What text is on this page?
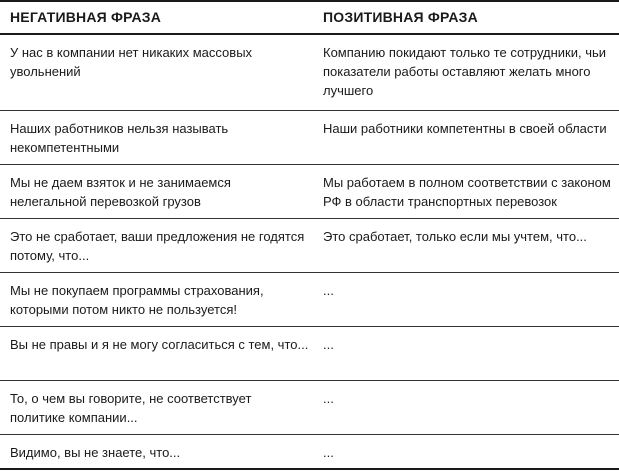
НЕГАТИВНАЯ ФРАЗА	ПОЗИТИВНАЯ ФРАЗА
У нас в компании нет никаких массовых увольнений
Компанию покидают только те сотрудники, чьи показатели работы оставляют желать много лучшего
Наших работников нельзя называть некомпетентными
Наши работники компетентны в своей области
Мы не даем взяток и не занимаемся нелегальной перевозкой грузов
Мы работаем в полном соответствии с законом РФ в области транспортных перевозок
Это не сработает, ваши предложения не годятся потому, что...
Это сработает, только если мы учтем, что...
Мы не покупаем программы страхования, которыми потом никто не пользуется!
...
Вы не правы и я не могу согласиться с тем, что... ...
То, о чем вы говорите, не соответствует политике компании...
...
Видимо, вы не знаете, что...	...
